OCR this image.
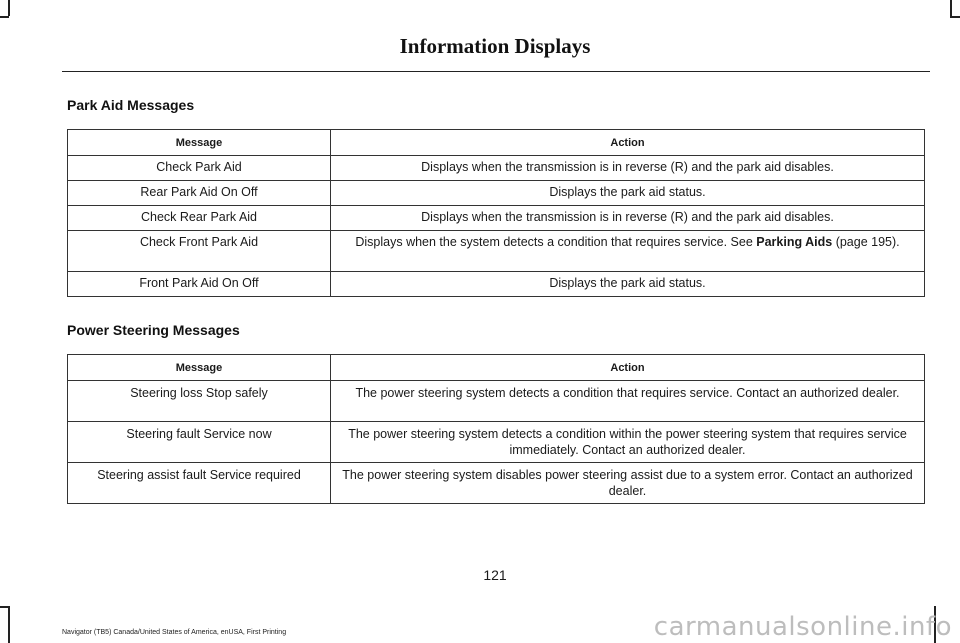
Information Displays
Park Aid Messages
Message	Action
Check Park Aid	Displays when the transmission is in reverse (R) and the park aid disables.
Rear Park Aid On Off	Displays the park aid status.
Check Rear Park Aid	Displays when the transmission is in reverse (R) and the park aid disables.
Check Front Park Aid	Displays when the system detects a condition that requires service. See Parking Aids (page 195).
Front Park Aid On Off	Displays the park aid status.
Power Steering Messages
Message	Action
Steering loss Stop safely	The power steering system detects a condition that requires service. Contact an authorized dealer.
Steering fault Service now	The power steering system detects a condition within the power steering system that requires service immediately. Contact an authorized dealer.
Steering assist fault Service required	The power steering system disables power steering assist due to a system error. Contact an authorized dealer.
121
Navigator (TB5) Canada/United States of America, enUSA, First Printing	carmanualsonline.info
